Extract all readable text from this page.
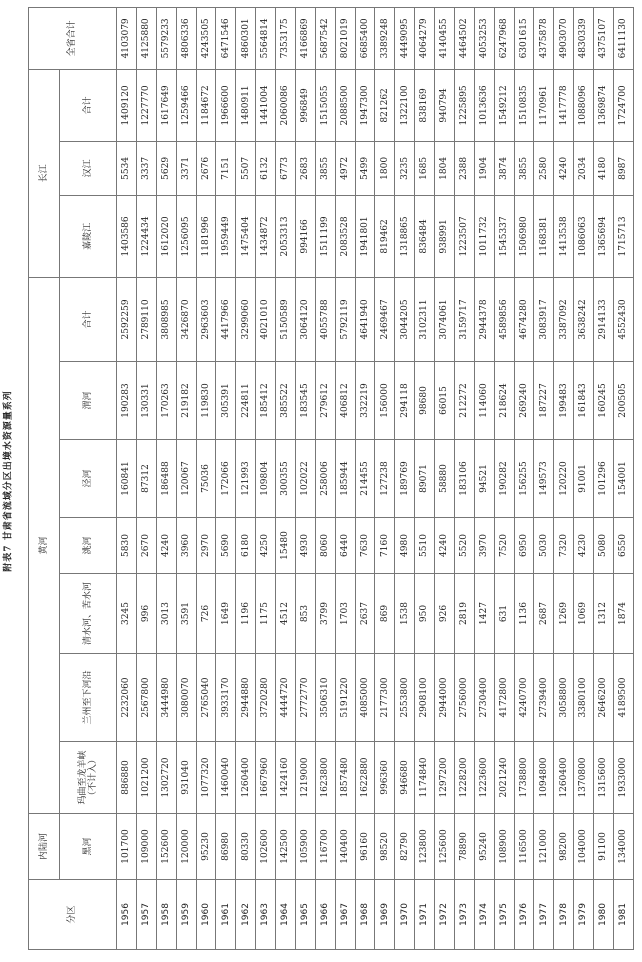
附表7 甘肃省流域分区出境水资源量系列
分区	内陆河	黄河							长江			全省合计
	黑河	玛曲至龙羊峡（不计入）	兰州至下河沿	清水河、苦水河	洮河	泾河	渭河	合计	嘉陵江	汉江	合计	
1956	101700	886880	2232060	3245	5830	160841	190283	2592259	1403586	5534	1409120	4103079
1957	109000	1021200	2567800	996	2670	87312	130331	2789110	1224434	3337	1227770	4125880
1958	152600	1302720	3444980	3013	4240	186488	170263	3808985	1612020	5629	1617649	5579233
1959	120000	931040	3080070	3591	3960	120067	219182	3426870	1256095	3371	1259466	4806336
1960	95230	1077320	2765040	726	2970	75036	119830	2963603	1181996	2676	1184672	4243505
1961	86980	1460040	3933170	1649	5690	172066	305391	4417966	1959449	7151	1966600	6471546
1962	80330	1260400	2944880	1196	6180	121993	224811	3299060	1475404	5507	1480911	4860301
1963	102600	1667960	3720280	1175	4250	109804	185412	4021010	1434872	6132	1441004	5564814
1964	142500	1424160	4444720	4512	15480	300355	385522	5150589	2053313	6773	2060086	7353175
1965	105900	1219000	2772770	853	4930	102022	183545	3064120	994166	2683	996849	4166869
1966	116700	1623800	3506310	3799	8060	258006	279612	4055788	1511199	3855	1515055	5687542
1967	140400	1857480	5191220	1703	6440	185944	406812	5792119	2083528	4972	2088500	8021019
1968	96160	1622880	4085000	2637	7630	214455	332219	4641940	1941801	5499	1947300	6685400
1969	98520	996360	2177300	869	7160	127238	156000	2469467	819462	1800	821262	3389248
1970	82790	946680	2553800	1538	4980	189769	294118	3044205	1318865	3235	1322100	4449095
1971	123800	1174840	2908100	950	5510	89071	98680	3102311	836484	1685	838169	4064279
1972	125600	1297200	2944000	926	4240	58880	66015	3074061	938991	1804	940794	4140455
1973	78890	1228200	2756000	2819	5520	183106	212272	3159717	1223507	2388	1225895	4464502
1974	95240	1223600	2730400	1427	3970	94521	114060	2944378	1011732	1904	1013636	4053253
1975	108900	2021240	4172800	631	7520	190282	218624	4589856	1545337	3874	1549212	6247968
1976	116500	1738800	4240700	1136	6950	156255	269240	4674280	1506980	3855	1510835	6301615
1977	121000	1094800	2739400	2687	5030	149573	187227	3083917	1168381	2580	1170961	4375878
1978	98200	1260400	3058800	1269	7320	120220	199483	3387092	1413538	4240	1417778	4903070
1979	104000	1370800	3380100	1069	4230	91001	161843	3638242	1086063	2034	1088096	4830339
1980	91100	1315600	2646200	1312	5080	101296	160245	2914133	1365694	4180	1369874	4375107
1981	134000	1933000	4189500	1874	6550	154001	200505	4552430	1715713	8987	1724700	6411130
